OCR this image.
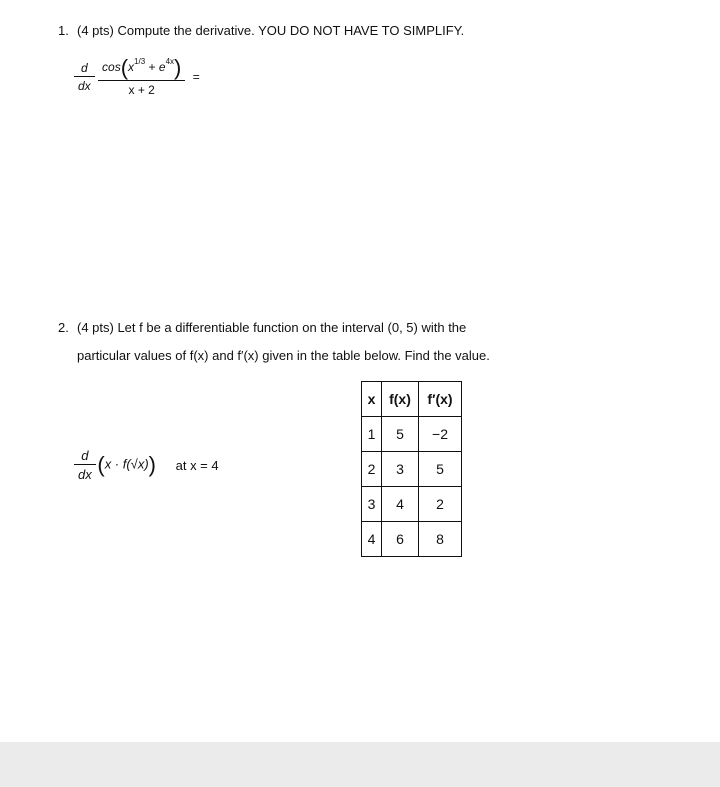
1. (4 pts) Compute the derivative. YOU DO NOT HAVE TO SIMPLIFY.
$\frac{d}{dx}$
$\frac{\cos(x^{1/3} + e^{4x})}{x + 2}$ =
2. (4 pts) Let f be a differentiable function on the interval (0, 5) with the
particular values of f(x) and f′(x) given in the table below. Find the value.
$\frac{d}{dx} (x \cdot f(√x))$ at x = 4
x	f(x)	f′(x)
1	5	−2
2	3	5
3	4	2
4	6	8
